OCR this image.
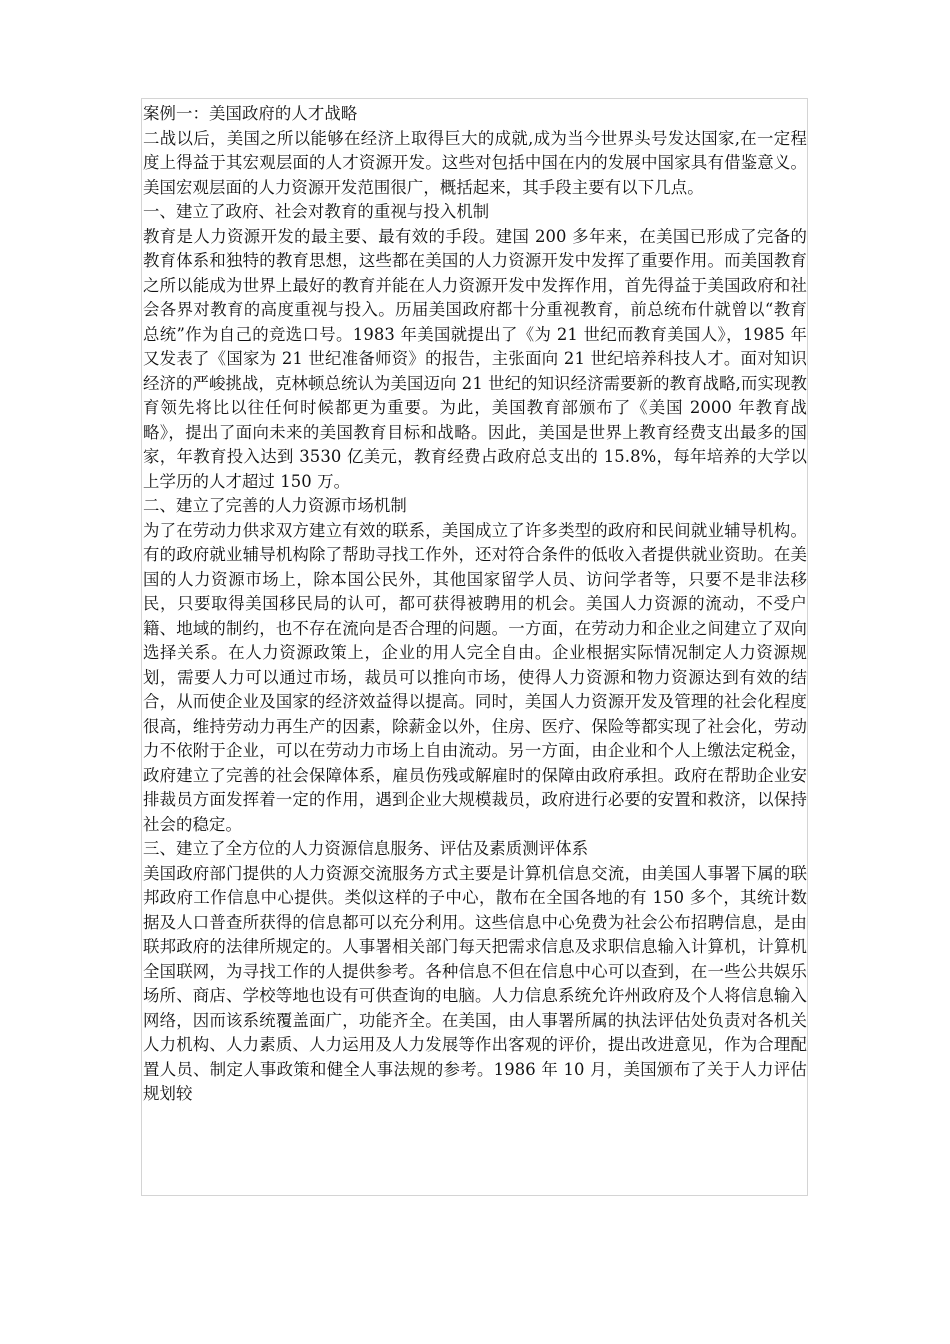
案例一：美国政府的人才战略

二战以后，美国之所以能够在经济上取得巨大的成就,成为当今世界头号发达国家,在一定程度上得益于其宏观层面的人才资源开发。这些对包括中国在内的发展中国家具有借鉴意义。美国宏观层面的人力资源开发范围很广，概括起来，其手段主要有以下几点。

一、建立了政府、社会对教育的重视与投入机制

教育是人力资源开发的最主要、最有效的手段。建国 200 多年来，在美国已形成了完备的教育体系和独特的教育思想，这些都在美国的人力资源开发中发挥了重要作用。而美国教育之所以能成为世界上最好的教育并能在人力资源开发中发挥作用，首先得益于美国政府和社会各界对教育的高度重视与投入。历届美国政府都十分重视教育，前总统布什就曾以“教育总统”作为自己的竞选口号。1983 年美国就提出了《为 21 世纪而教育美国人》，1985 年又发表了《国家为 21 世纪准备师资》的报告，主张面向 21 世纪培养科技人才。面对知识经济的严峻挑战，克林顿总统认为美国迈向 21 世纪的知识经济需要新的教育战略,而实现教育领先将比以往任何时候都更为重要。为此，美国教育部颁布了《美国 2000 年教育战略》，提出了面向未来的美国教育目标和战略。因此，美国是世界上教育经费支出最多的国家，年教育投入达到 3530 亿美元，教育经费占政府总支出的 15.8%，每年培养的大学以上学历的人才超过 150 万。

二、建立了完善的人力资源市场机制

为了在劳动力供求双方建立有效的联系，美国成立了许多类型的政府和民间就业辅导机构。有的政府就业辅导机构除了帮助寻找工作外，还对符合条件的低收入者提供就业资助。在美国的人力资源市场上，除本国公民外，其他国家留学人员、访问学者等，只要不是非法移民，只要取得美国移民局的认可，都可获得被聘用的机会。美国人力资源的流动，不受户籍、地域的制约，也不存在流向是否合理的问题。一方面，在劳动力和企业之间建立了双向选择关系。在人力资源政策上，企业的用人完全自由。企业根据实际情况制定人力资源规划，需要人力可以通过市场，裁员可以推向市场，使得人力资源和物力资源达到有效的结合，从而使企业及国家的经济效益得以提高。同时，美国人力资源开发及管理的社会化程度很高，维持劳动力再生产的因素，除薪金以外，住房、医疗、保险等都实现了社会化，劳动力不依附于企业，可以在劳动力市场上自由流动。另一方面，由企业和个人上缴法定税金，政府建立了完善的社会保障体系，雇员伤残或解雇时的保障由政府承担。政府在帮助企业安排裁员方面发挥着一定的作用，遇到企业大规模裁员，政府进行必要的安置和救济，以保持社会的稳定。

三、建立了全方位的人力资源信息服务、评估及素质测评体系

美国政府部门提供的人力资源交流服务方式主要是计算机信息交流，由美国人事署下属的联邦政府工作信息中心提供。类似这样的子中心，散布在全国各地的有 150 多个，其统计数据及人口普查所获得的信息都可以充分利用。这些信息中心免费为社会公布招聘信息，是由联邦政府的法律所规定的。人事署相关部门每天把需求信息及求职信息输入计算机，计算机全国联网，为寻找工作的人提供参考。各种信息不但在信息中心可以查到，在一些公共娱乐场所、商店、学校等地也设有可供查询的电脑。人力信息系统允许州政府及个人将信息输入网络，因而该系统覆盖面广，功能齐全。在美国，由人事署所属的执法评估处负责对各机关人力机构、人力素质、人力运用及人力发展等作出客观的评价，提出改进意见，作为合理配置人员、制定人事政策和健全人事法规的参考。1986 年 10 月，美国颁布了关于人力评估规划较
